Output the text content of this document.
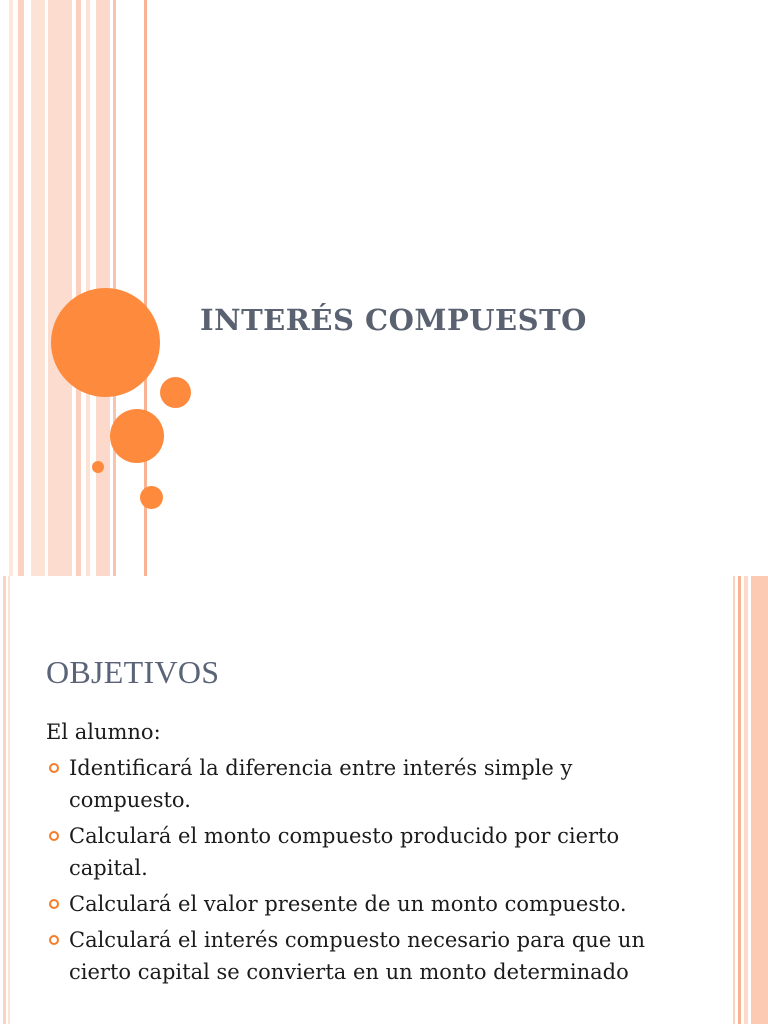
INTERÉS COMPUESTO
OBJETIVOS

El alumno:

Identificará la diferencia entre interés simple y compuesto.
Calculará el monto compuesto producido por cierto capital.
Calculará el valor presente de un monto compuesto.
Calculará el interés compuesto necesario para que un cierto capital se convierta en un monto determinado
